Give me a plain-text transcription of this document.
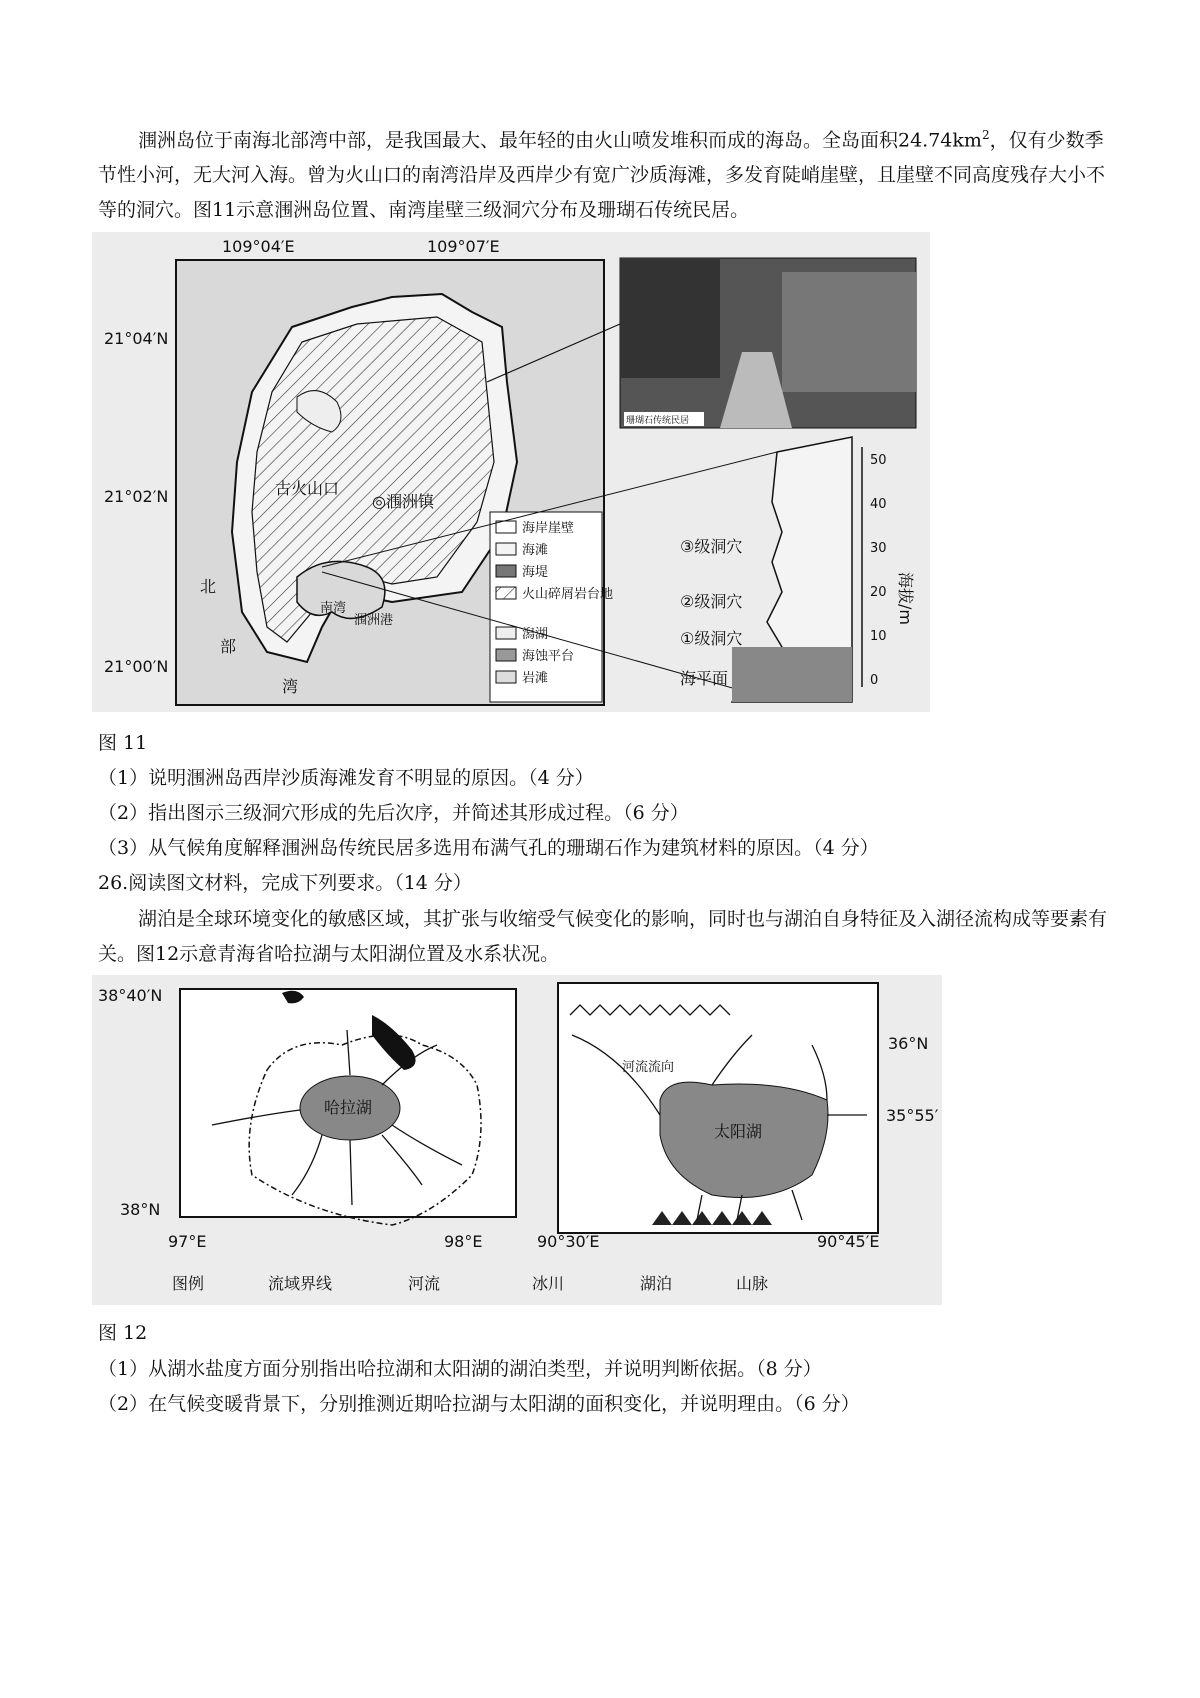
涠洲岛位于南海北部湾中部，是我国最大、最年轻的由火山喷发堆积而成的海岛。全岛面积$24.74km^2$，仅有少数季节性小河，无大河入海。曾为火山口的南湾沿岸及西岸少有宽广沙质海滩，多发育陡峭崖壁，且崖壁不同高度残存大小不等的洞穴。图11示意涠洲岛位置、南湾崖壁三级洞穴分布及珊瑚石传统民居。
109°04′E	109°07′E
21°04′N
21°02′N
21°00′N
古火山口
◎涠洲镇
南湾
涠洲港
北
部
湾
海岸崖壁
海滩
海堤
火山碎屑岩台地
潟湖
海蚀平台
岩滩
珊瑚石传统民居
50
40
30
20
10
0
海拔/m
③级洞穴
②级洞穴
①级洞穴
海平面
图 11
（1）说明涠洲岛西岸沙质海滩发育不明显的原因。（4 分）
（2）指出图示三级洞穴形成的先后次序，并简述其形成过程。（6 分）
（3）从气候角度解释涠洲岛传统民居多选用布满气孔的珊瑚石作为建筑材料的原因。（4 分）
26.阅读图文材料，完成下列要求。（14 分）
湖泊是全球环境变化的敏感区域，其扩张与收缩受气候变化的影响，同时也与湖泊自身特征及入湖径流构成等要素有关。图12示意青海省哈拉湖与太阳湖位置及水系状况。
哈拉湖
38°40′N
38°N
97°E	98°E
河流流向
太阳湖
36°N
35°55′
90°30′E	90°45′E
图例	流域界线	河流	冰川	湖泊	山脉
图 12
（1）从湖水盐度方面分别指出哈拉湖和太阳湖的湖泊类型，并说明判断依据。（8 分）
（2）在气候变暖背景下，分别推测近期哈拉湖与太阳湖的面积变化，并说明理由。（6 分）
